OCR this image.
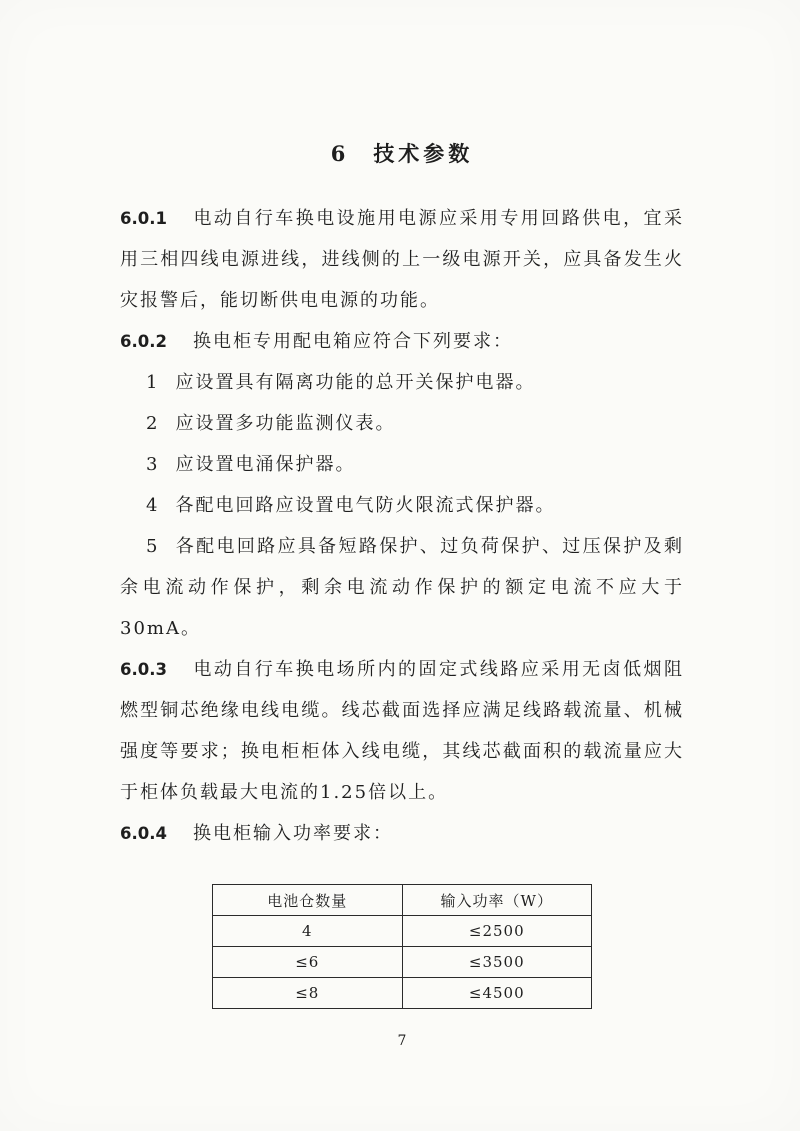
6 技术参数

6.0.1 电动自行车换电设施用电源应采用专用回路供电，宜采用三相四线电源进线，进线侧的上一级电源开关，应具备发生火灾报警后，能切断供电电源的功能。

6.0.2 换电柜专用配电箱应符合下列要求：

1 应设置具有隔离功能的总开关保护电器。

2 应设置多功能监测仪表。

3 应设置电涌保护器。

4 各配电回路应设置电气防火限流式保护器。

5 各配电回路应具备短路保护、过负荷保护、过压保护及剩余电流动作保护，剩余电流动作保护的额定电流不应大于30mA。

6.0.3 电动自行车换电场所内的固定式线路应采用无卤低烟阻燃型铜芯绝缘电线电缆。线芯截面选择应满足线路载流量、机械强度等要求；换电柜柜体入线电缆，其线芯截面积的载流量应大于柜体负载最大电流的1.25倍以上。

6.0.4 换电柜输入功率要求：

电池仓数量	输入功率（W）
4	≤2500
≤6	≤3500
≤8	≤4500
7
